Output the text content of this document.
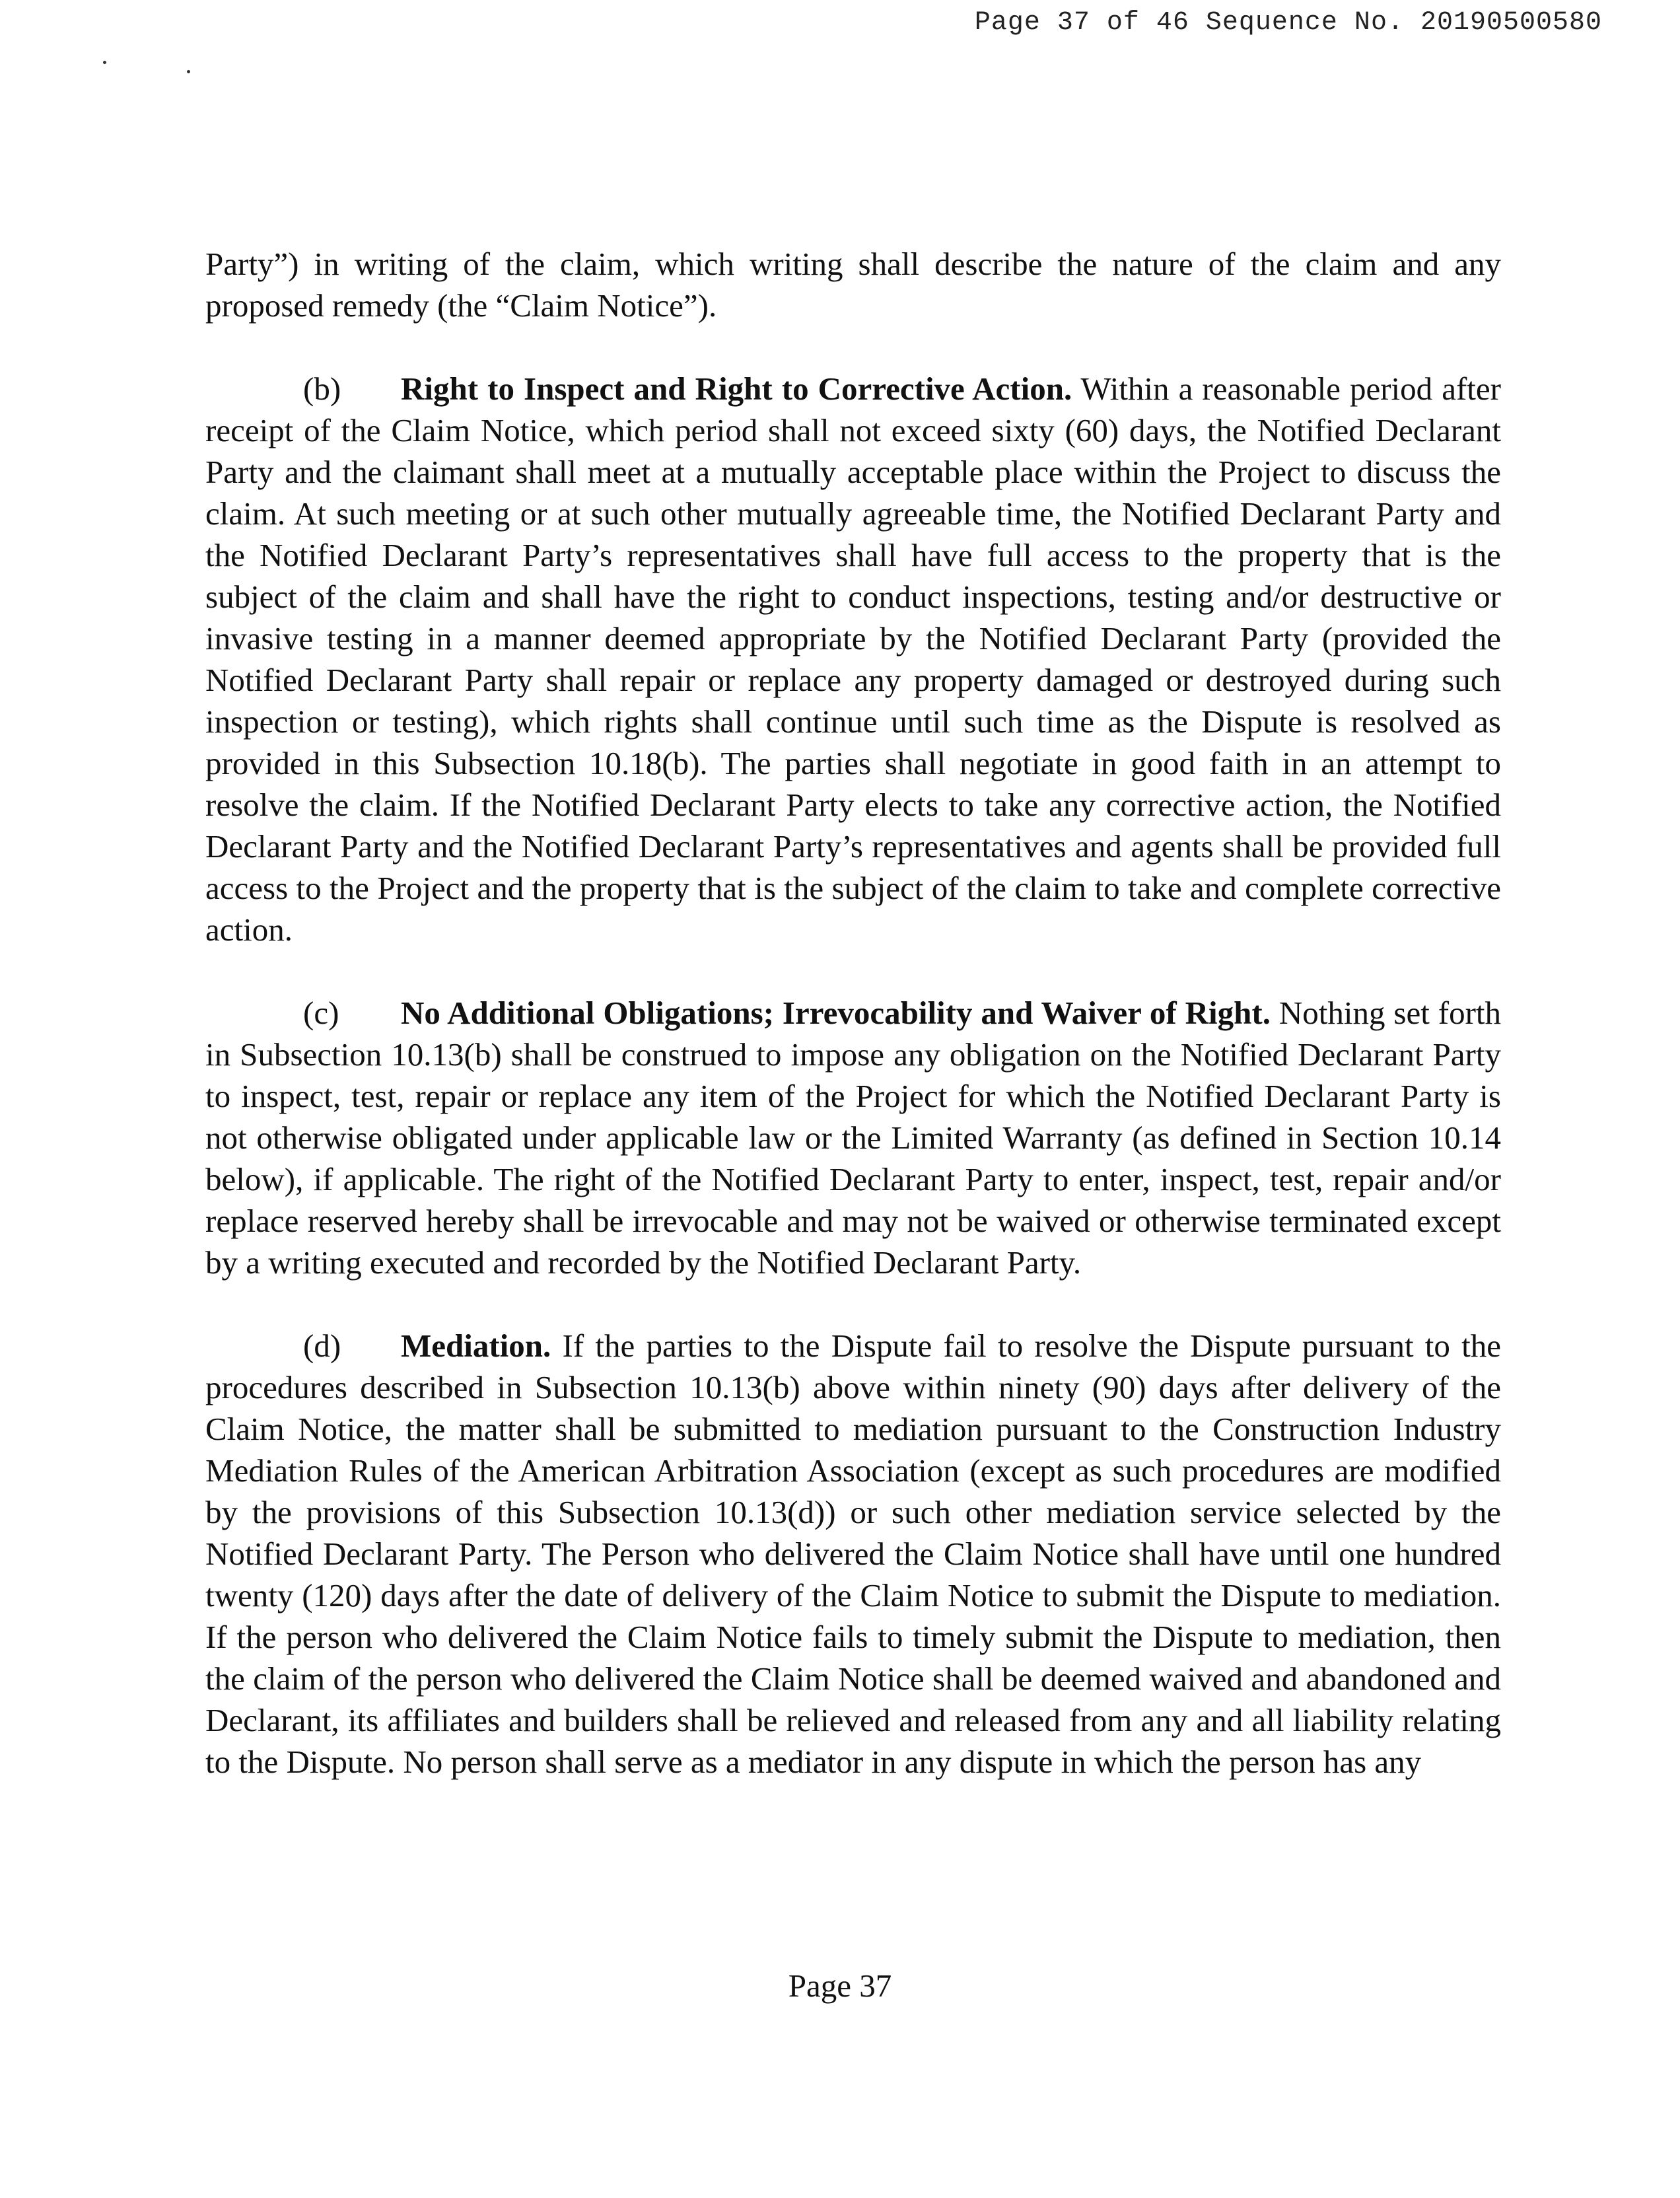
Page 37 of 46 Sequence No. 20190500580

Party”) in writing of the claim, which writing shall describe the nature of the claim and any proposed remedy (the “Claim Notice”).

(b) Right to Inspect and Right to Corrective Action. Within a reasonable period after receipt of the Claim Notice, which period shall not exceed sixty (60) days, the Notified Declarant Party and the claimant shall meet at a mutually acceptable place within the Project to discuss the claim. At such meeting or at such other mutually agreeable time, the Notified Declarant Party and the Notified Declarant Party’s representatives shall have full access to the property that is the subject of the claim and shall have the right to conduct inspections, testing and/or destructive or invasive testing in a manner deemed appropriate by the Notified Declarant Party (provided the Notified Declarant Party shall repair or replace any property damaged or destroyed during such inspection or testing), which rights shall continue until such time as the Dispute is resolved as provided in this Subsection 10.18(b). The parties shall negotiate in good faith in an attempt to resolve the claim. If the Notified Declarant Party elects to take any corrective action, the Notified Declarant Party and the Notified Declarant Party’s representatives and agents shall be provided full access to the Project and the property that is the subject of the claim to take and complete corrective action.

(c) No Additional Obligations; Irrevocability and Waiver of Right. Nothing set forth in Subsection 10.13(b) shall be construed to impose any obligation on the Notified Declarant Party to inspect, test, repair or replace any item of the Project for which the Notified Declarant Party is not otherwise obligated under applicable law or the Limited Warranty (as defined in Section 10.14 below), if applicable. The right of the Notified Declarant Party to enter, inspect, test, repair and/or replace reserved hereby shall be irrevocable and may not be waived or otherwise terminated except by a writing executed and recorded by the Notified Declarant Party.

(d) Mediation. If the parties to the Dispute fail to resolve the Dispute pursuant to the procedures described in Subsection 10.13(b) above within ninety (90) days after delivery of the Claim Notice, the matter shall be submitted to mediation pursuant to the Construction Industry Mediation Rules of the American Arbitration Association (except as such procedures are modified by the provisions of this Subsection 10.13(d)) or such other mediation service selected by the Notified Declarant Party. The Person who delivered the Claim Notice shall have until one hundred twenty (120) days after the date of delivery of the Claim Notice to submit the Dispute to mediation. If the person who delivered the Claim Notice fails to timely submit the Dispute to mediation, then the claim of the person who delivered the Claim Notice shall be deemed waived and abandoned and Declarant, its affiliates and builders shall be relieved and released from any and all liability relating to the Dispute. No person shall serve as a mediator in any dispute in which the person has any

Page 37
